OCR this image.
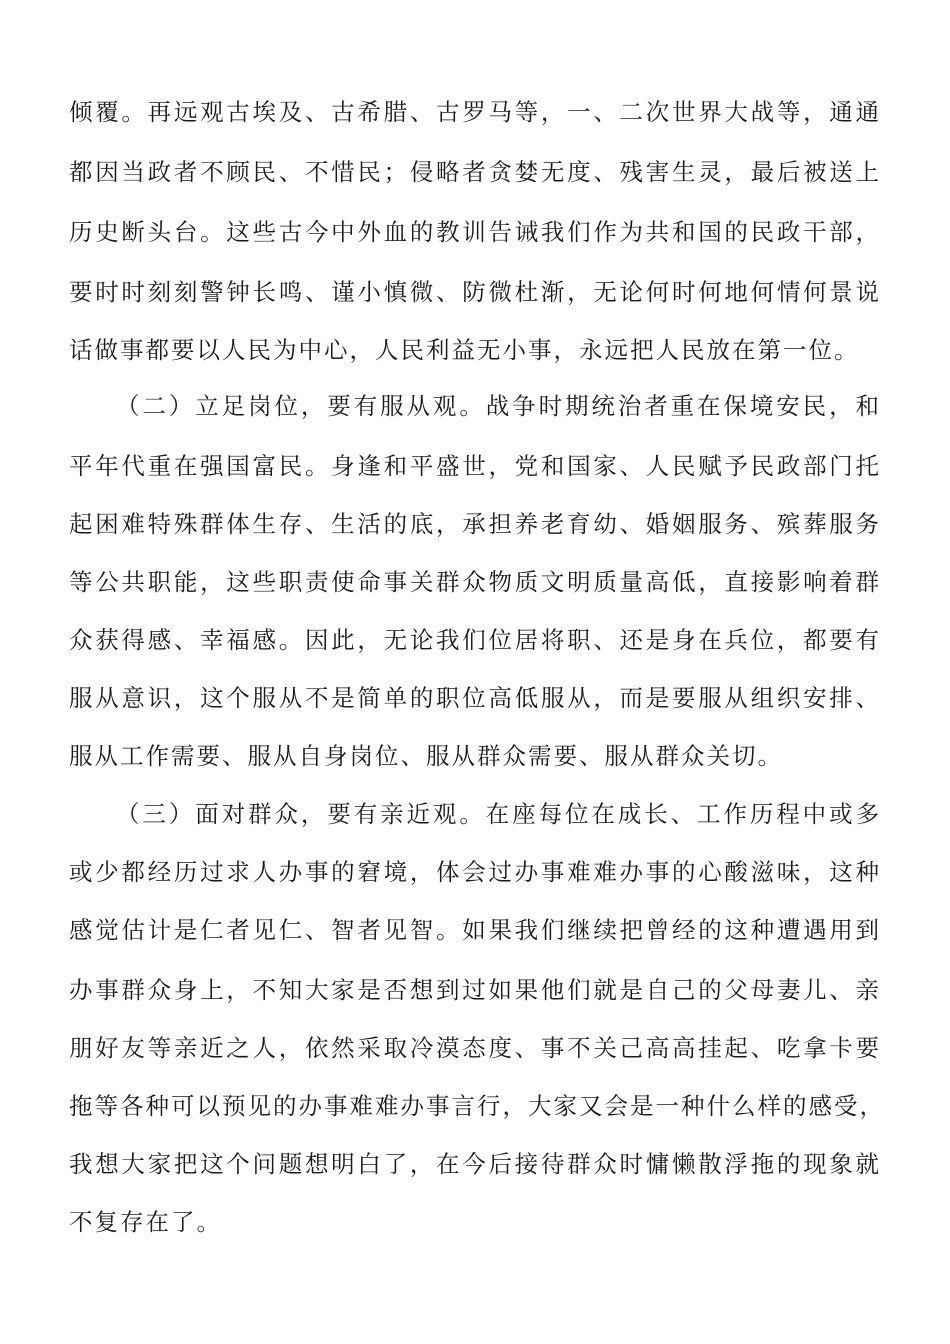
倾覆。再远观古埃及、古希腊、古罗马等，一、二次世界大战等，通通
都因当政者不顾民、不惜民；侵略者贪婪无度、残害生灵，最后被送上
历史断头台。这些古今中外血的教训告诫我们作为共和国的民政干部，
要时时刻刻警钟长鸣、谨小慎微、防微杜渐，无论何时何地何情何景说
话做事都要以人民为中心，人民利益无小事，永远把人民放在第一位。
（二）立足岗位，要有服从观。战争时期统治者重在保境安民，和
平年代重在强国富民。身逢和平盛世，党和国家、人民赋予民政部门托
起困难特殊群体生存、生活的底，承担养老育幼、婚姻服务、殡葬服务
等公共职能，这些职责使命事关群众物质文明质量高低，直接影响着群
众获得感、幸福感。因此，无论我们位居将职、还是身在兵位，都要有
服从意识，这个服从不是简单的职位高低服从，而是要服从组织安排、
服从工作需要、服从自身岗位、服从群众需要、服从群众关切。
（三）面对群众，要有亲近观。在座每位在成长、工作历程中或多
或少都经历过求人办事的窘境，体会过办事难难办事的心酸滋味，这种
感觉估计是仁者见仁、智者见智。如果我们继续把曾经的这种遭遇用到
办事群众身上，不知大家是否想到过如果他们就是自己的父母妻儿、亲
朋好友等亲近之人，依然采取冷漠态度、事不关己高高挂起、吃拿卡要
拖等各种可以预见的办事难难办事言行，大家又会是一种什么样的感受，
我想大家把这个问题想明白了，在今后接待群众时慵懒散浮拖的现象就
不复存在了。
